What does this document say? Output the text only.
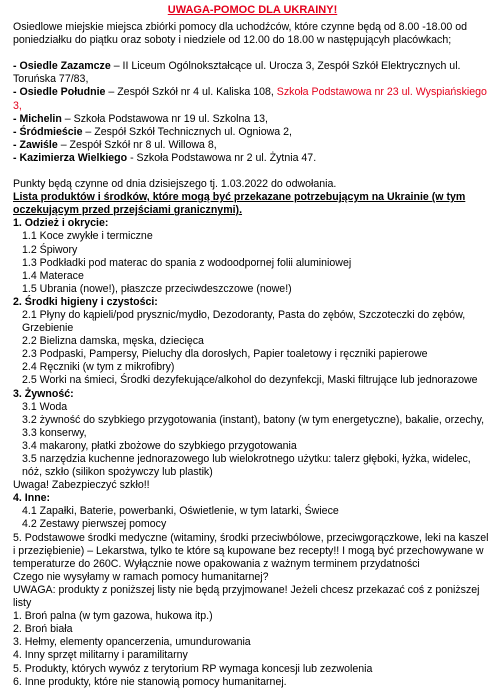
UWAGA-POMOC DLA UKRAINY!
Osiedlowe miejskie miejsca zbiórki pomocy dla uchodźców, które czynne będą od 8.00 -18.00 od poniedziałku do piątku oraz soboty i niedziele od 12.00 do 18.00 w następującyh placówkach;
- Osiedle Zazamcze – II Liceum Ogólnokształcące ul. Urocza 3, Zespół Szkół Elektrycznych ul. Toruńska 77/83,
- Osiedle Południe – Zespół Szkół nr 4 ul. Kaliska 108, Szkoła Podstawowa nr 23 ul. Wyspiańskiego 3,
- Michelin – Szkoła Podstawowa nr 19 ul. Szkolna 13,
- Śródmieście – Zespół Szkół Technicznych ul. Ogniowa 2,
- Zawiśle – Zespół Szkół nr 8 ul. Willowa 8,
- Kazimierza Wielkiego - Szkoła Podstawowa nr 2 ul. Żytnia 47.
Punkty będą czynne od dnia dzisiejszego tj. 1.03.2022 do odwołania.
Lista produktów i środków, które mogą być przekazane potrzebującym na Ukrainie (w tym oczekującym przed przejściami granicznymi).
1. Odzież i okrycie:
1.1 Koce zwykłe i termiczne
1.2 Śpiwory
1.3 Podkładki pod materac do spania z wodoodpornej folii aluminiowej
1.4 Materace
1.5 Ubrania (nowe!), płaszcze przeciwdeszczowe (nowe!)
2. Środki higieny i czystości:
2.1 Płyny do kąpieli/pod prysznic/mydło, Dezodoranty, Pasta do zębów, Szczoteczki do zębów, Grzebienie
2.2 Bielizna damska, męska, dziecięca
2.3 Podpaski, Pampersy, Pieluchy dla dorosłych, Papier toaletowy i ręczniki papierowe
2.4 Ręczniki (w tym z mikrofibry)
2.5 Worki na śmieci, Środki dezyfekujące/alkohol do dezynfekcji, Maski filtrujące lub jednorazowe
3. Żywność:
3.1 Woda
3.2 żywność do szybkiego przygotowania (instant), batony (w tym energetyczne), bakalie, orzechy,
3.3 konserwy,
3.4 makarony, płatki zbożowe do szybkiego przygotowania
3.5 narzędzia kuchenne jednorazowego lub wielokrotnego użytku: talerz głęboki, łyżka, widelec, nóż, szkło (silikon spożywczy lub plastik)
Uwaga! Zabezpieczyć szkło!!
4. Inne:
4.1 Zapałki, Baterie, powerbanki, Oświetlenie, w tym latarki, Świece
4.2 Zestawy pierwszej pomocy
5. Podstawowe środki medyczne (witaminy, środki przeciwbólowe, przeciwgorączkowe, leki na kaszel i przeziębienie) – Lekarstwa, tylko te które są kupowane bez recepty!! I mogą być przechowywane w temperaturze do 260C. Wyłącznie nowe opakowania z ważnym terminem przydatności
Czego nie wysyłamy w ramach pomocy humanitarnej?
UWAGA: produkty z poniższej listy nie będą przyjmowane! Jeżeli chcesz przekazać coś z poniższej listy
1. Broń palna (w tym gazowa, hukowa itp.)
2. Broń biała
3. Hełmy, elementy opancerzenia, umundurowania
4. Inny sprzęt militarny i paramilitarny
5. Produkty, których wywóz z terytorium RP wymaga koncesji lub zezwolenia
6. Inne produkty, które nie stanowią pomocy humanitarnej.
